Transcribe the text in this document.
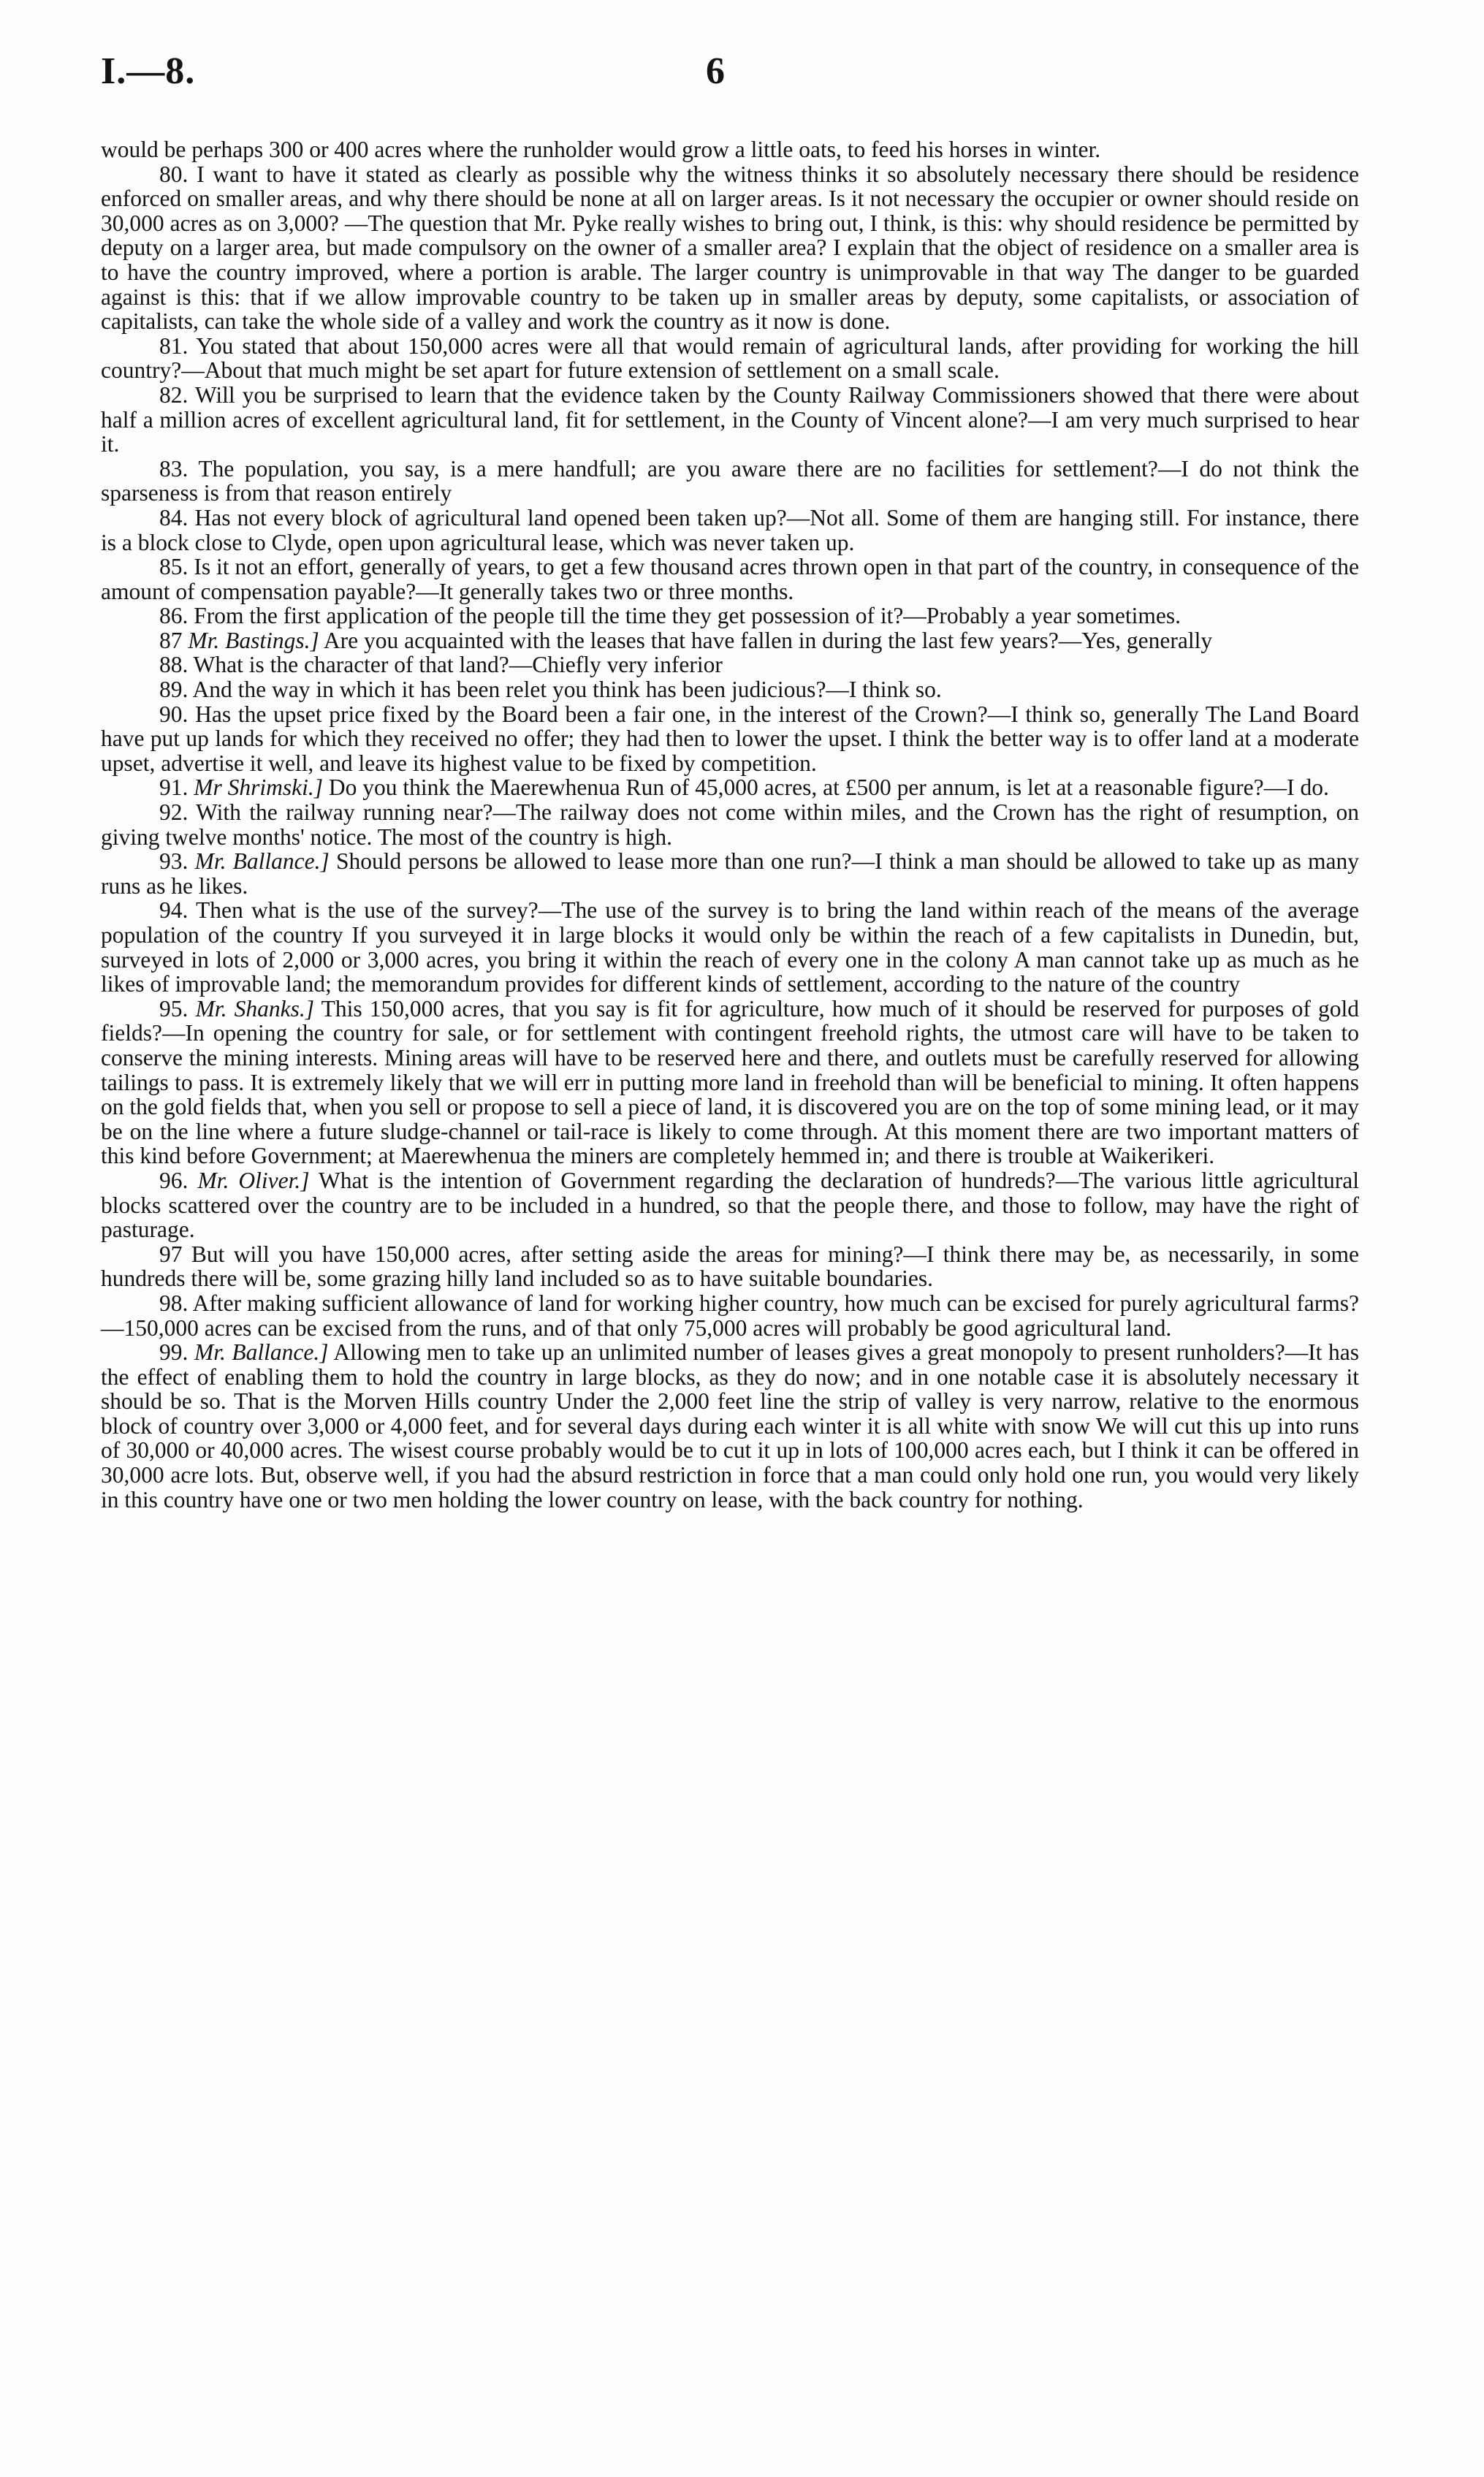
I.—8.	6

would be perhaps 300 or 400 acres where the runholder would grow a little oats, to feed his horses in winter.

80. I want to have it stated as clearly as possible why the witness thinks it so absolutely necessary there should be residence enforced on smaller areas, and why there should be none at all on larger areas. Is it not necessary the occupier or owner should reside on 30,000 acres as on 3,000? —The question that Mr. Pyke really wishes to bring out, I think, is this: why should residence be permitted by deputy on a larger area, but made compulsory on the owner of a smaller area? I explain that the object of residence on a smaller area is to have the country improved, where a portion is arable. The larger country is unimprovable in that way The danger to be guarded against is this: that if we allow improvable country to be taken up in smaller areas by deputy, some capitalists, or association of capitalists, can take the whole side of a valley and work the country as it now is done.

81. You stated that about 150,000 acres were all that would remain of agricultural lands, after providing for working the hill country?—About that much might be set apart for future extension of settlement on a small scale.

82. Will you be surprised to learn that the evidence taken by the County Railway Commissioners showed that there were about half a million acres of excellent agricultural land, fit for settlement, in the County of Vincent alone?—I am very much surprised to hear it.

83. The population, you say, is a mere handfull; are you aware there are no facilities for settlement?—I do not think the sparseness is from that reason entirely

84. Has not every block of agricultural land opened been taken up?—Not all. Some of them are hanging still. For instance, there is a block close to Clyde, open upon agricultural lease, which was never taken up.

85. Is it not an effort, generally of years, to get a few thousand acres thrown open in that part of the country, in consequence of the amount of compensation payable?—It generally takes two or three months.

86. From the first application of the people till the time they get possession of it?—Probably a year sometimes.

87 Mr. Bastings.] Are you acquainted with the leases that have fallen in during the last few years?—Yes, generally

88. What is the character of that land?—Chiefly very inferior

89. And the way in which it has been relet you think has been judicious?—I think so.

90. Has the upset price fixed by the Board been a fair one, in the interest of the Crown?—I think so, generally The Land Board have put up lands for which they received no offer; they had then to lower the upset. I think the better way is to offer land at a moderate upset, advertise it well, and leave its highest value to be fixed by competition.

91. Mr Shrimski.] Do you think the Maerewhenua Run of 45,000 acres, at £500 per annum, is let at a reasonable figure?—I do.

92. With the railway running near?—The railway does not come within miles, and the Crown has the right of resumption, on giving twelve months' notice. The most of the country is high.

93. Mr. Ballance.] Should persons be allowed to lease more than one run?—I think a man should be allowed to take up as many runs as he likes.

94. Then what is the use of the survey?—The use of the survey is to bring the land within reach of the means of the average population of the country If you surveyed it in large blocks it would only be within the reach of a few capitalists in Dunedin, but, surveyed in lots of 2,000 or 3,000 acres, you bring it within the reach of every one in the colony A man cannot take up as much as he likes of improvable land; the memorandum provides for different kinds of settlement, according to the nature of the country

95. Mr. Shanks.] This 150,000 acres, that you say is fit for agriculture, how much of it should be reserved for purposes of gold fields?—In opening the country for sale, or for settlement with contingent freehold rights, the utmost care will have to be taken to conserve the mining interests. Mining areas will have to be reserved here and there, and outlets must be carefully reserved for allowing tailings to pass. It is extremely likely that we will err in putting more land in freehold than will be beneficial to mining. It often happens on the gold fields that, when you sell or propose to sell a piece of land, it is discovered you are on the top of some mining lead, or it may be on the line where a future sludge-channel or tail-race is likely to come through. At this moment there are two important matters of this kind before Government; at Maerewhenua the miners are completely hemmed in; and there is trouble at Waikerikeri.

96. Mr. Oliver.] What is the intention of Government regarding the declaration of hundreds?—The various little agricultural blocks scattered over the country are to be included in a hundred, so that the people there, and those to follow, may have the right of pasturage.

97 But will you have 150,000 acres, after setting aside the areas for mining?—I think there may be, as necessarily, in some hundreds there will be, some grazing hilly land included so as to have suitable boundaries.

98. After making sufficient allowance of land for working higher country, how much can be excised for purely agricultural farms?—150,000 acres can be excised from the runs, and of that only 75,000 acres will probably be good agricultural land.

99. Mr. Ballance.] Allowing men to take up an unlimited number of leases gives a great monopoly to present runholders?—It has the effect of enabling them to hold the country in large blocks, as they do now; and in one notable case it is absolutely necessary it should be so. That is the Morven Hills country Under the 2,000 feet line the strip of valley is very narrow, relative to the enormous block of country over 3,000 or 4,000 feet, and for several days during each winter it is all white with snow We will cut this up into runs of 30,000 or 40,000 acres. The wisest course probably would be to cut it up in lots of 100,000 acres each, but I think it can be offered in 30,000 acre lots. But, observe well, if you had the absurd restriction in force that a man could only hold one run, you would very likely in this country have one or two men holding the lower country on lease, with the back country for nothing.
